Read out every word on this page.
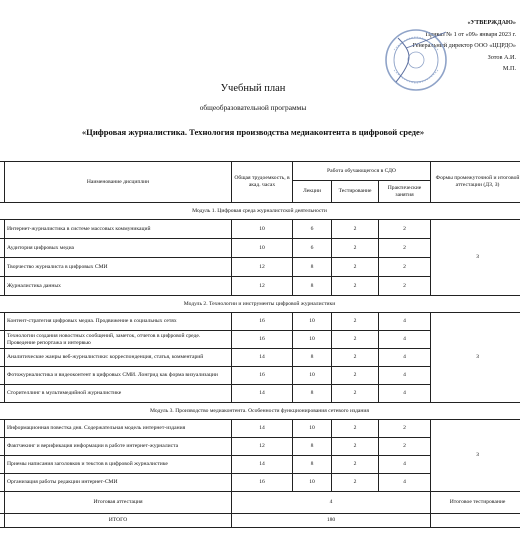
«УТВЕРЖДАЮ»
Приказ № 1 от «09» января 2023 г.
Генеральный директор ООО «ЦЦРДО»
Зотов А.И.
М.П.
Учебный план
общеобразовательной программы
«Цифровая журналистика. Технология производства медиаконтента в цифровой среде»
	Наименование дисциплин	Общая трудоемкость, в акад. часах	Работа обучающегося в СДО			Формы промежуточной и итоговой аттестации (ДЗ, З)
			Лекции	Тестирование	Практические занятия	
Модуль 1. Цифровая среда журналистской деятельности						
	Интернет-журналистика в системе массовых коммуникаций	10	6	2	2	З
	Аудитория цифровых медиа	10	6	2	2	
	Творчество журналиста в цифровых СМИ	12	8	2	2	
	Журналистика данных	12	8	2	2	
Модуль 2. Технологии и инструменты цифровой журналистики						
	Контент-стратегия цифровых медиа. Продвижение в социальных сетях	16	10	2	4	З
	Технологии создания новостных сообщений, заметок, отчетов в цифровой среде. Проведение репортажа и интервью	16	10	2	4	
	Аналитические жанры веб-журналистики: корреспонденция, статья, комментарий	14	8	2	4	
	Фотожурналистика и видеоконтент в цифровых СМИ. Лонгрид как форма визуализации	16	10	2	4	
	Сторителлинг в мультимедийной журналистике	14	8	2	4	
Модуль 3. Производство медиаконтента. Особенности функционирования сетевого издания						
	Информационная повестка дня. Содержательная модель интернет-издания	14	10	2	2	З
	Фактчекинг и верификация информации в работе интернет-журналиста	12	8	2	2	
	Приемы написания заголовков и текстов в цифровой журналистике	14	8	2	4	
	Организация работы редакции интернет-СМИ	16	10	2	4	
	Итоговая аттестация	4				Итоговое тестирование
	ИТОГО	180				
